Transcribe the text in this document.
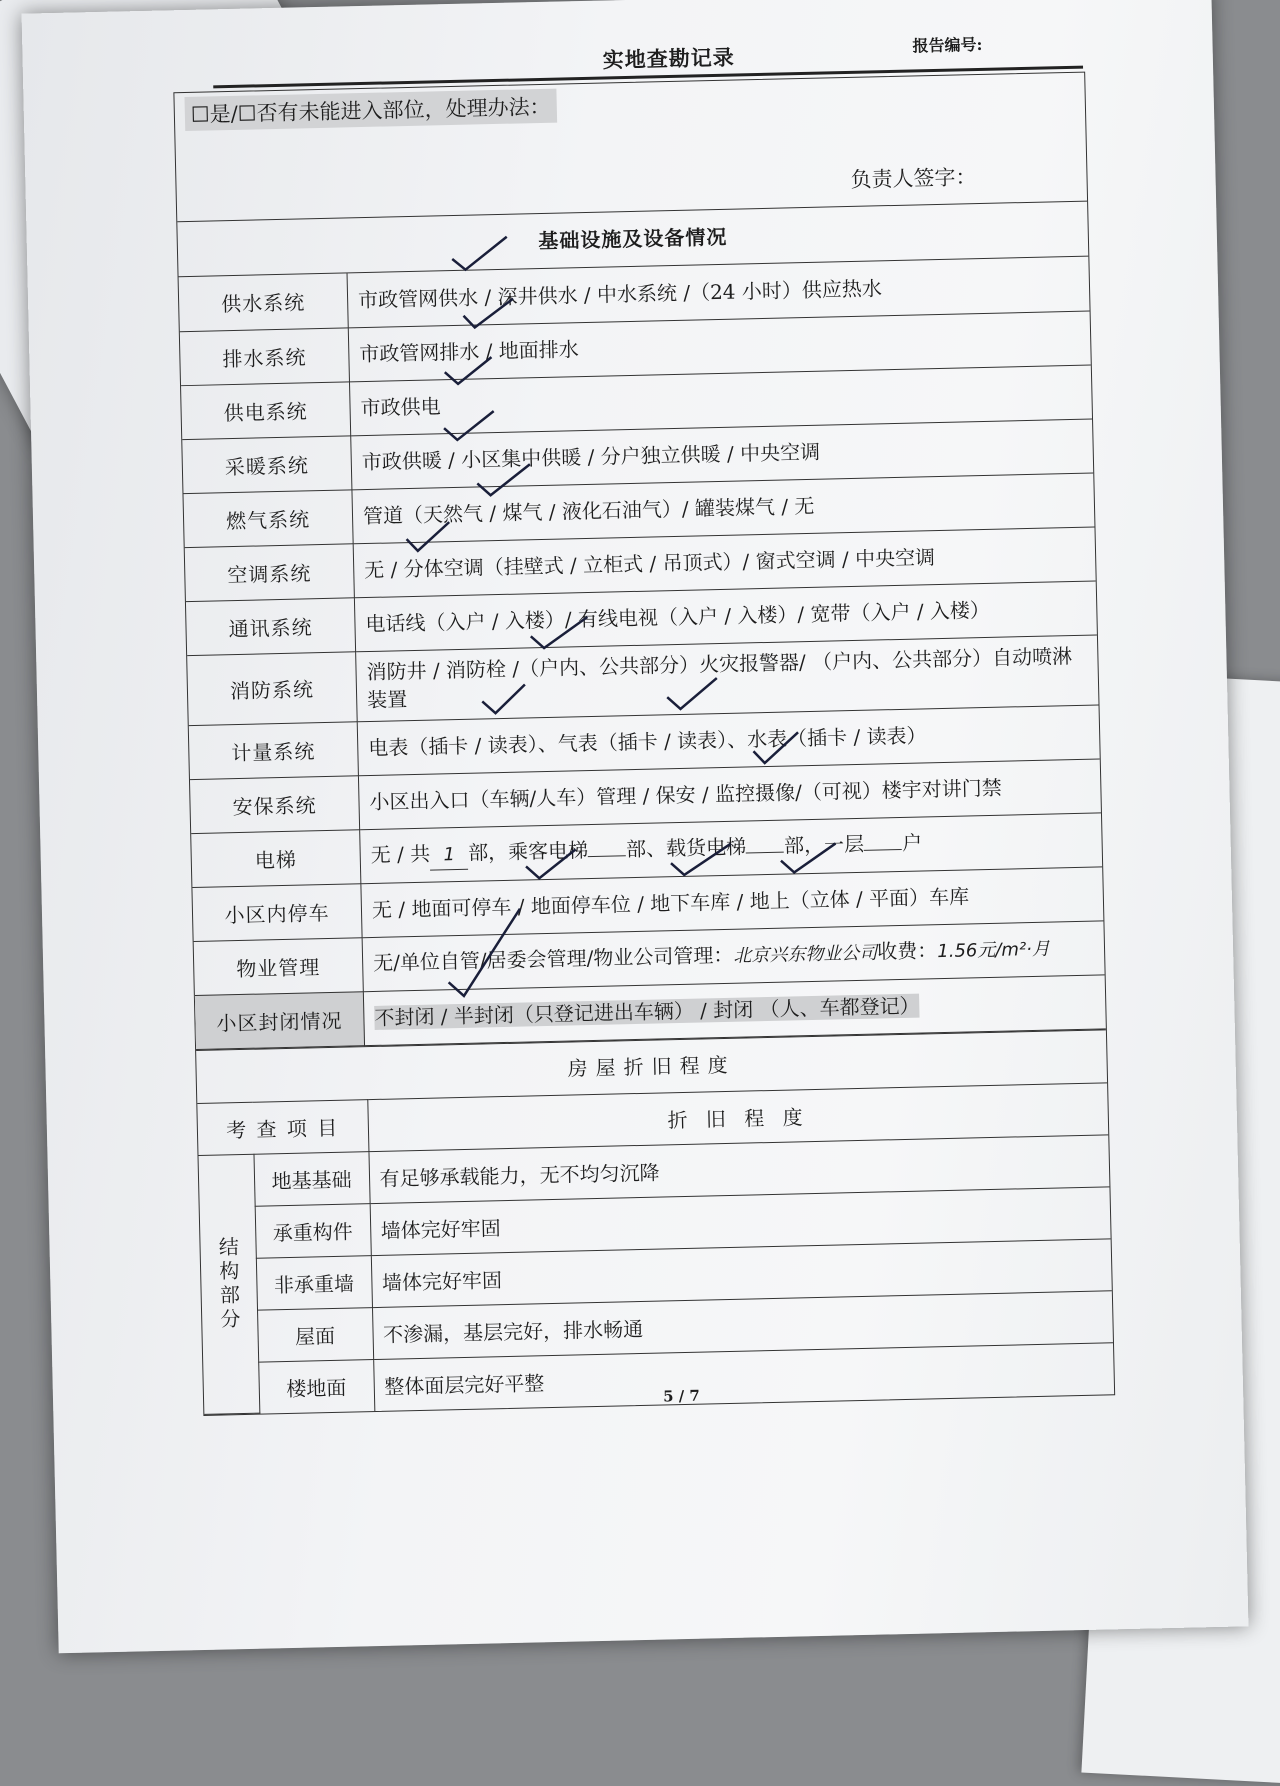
实地查勘记录	报告编号:
☐是/☐否有未能进入部位，处理办法：
负责人签字：
基础设施及设备情况
供水系统	市政管网供水 / 深井供水 / 中水系统 /（24 小时）供应热水
排水系统	市政管网排水 / 地面排水
供电系统	市政供电
采暖系统	市政供暖 / 小区集中供暖 / 分户独立供暖 / 中央空调
燃气系统	管道（天然气 / 煤气 / 液化石油气）/ 罐装煤气 / 无
空调系统	无 / 分体空调（挂壁式 / 立柜式 / 吊顶式）/ 窗式空调 / 中央空调
通讯系统	电话线（入户 / 入楼）/ 有线电视（入户 / 入楼）/ 宽带（入户 / 入楼）
消防系统	消防井 / 消防栓 /（户内、公共部分）火灾报警器/ （户内、公共部分）自动喷淋装置
计量系统	电表（插卡 / 读表）、气表（插卡 / 读表）、水表（插卡 / 读表）
安保系统	小区出入口（车辆/人车）管理 / 保安 / 监控摄像/（可视）楼宇对讲门禁
电梯	无 / 共 1 部，乘客电梯 部、载货电梯 部，一层 户
小区内停车	无 / 地面可停车 / 地面停车位 / 地下车库 / 地上（立体 / 平面）车库
物业管理	无/单位自管/居委会管理/物业公司管理：北京兴东物业公司收费：1.56元/m²·月
小区封闭情况	不封闭 / 半封闭（只登记进出车辆） / 封闭 （人、车都登记）
房屋折旧程度
考 查 项 目		折 旧 程 度
结构部分	地基基础	有足够承载能力，无不均匀沉降
	承重构件	墙体完好牢固
	非承重墙	墙体完好牢固
	屋面	不渗漏，基层完好，排水畅通
	楼地面	整体面层完好平整	5 / 7
